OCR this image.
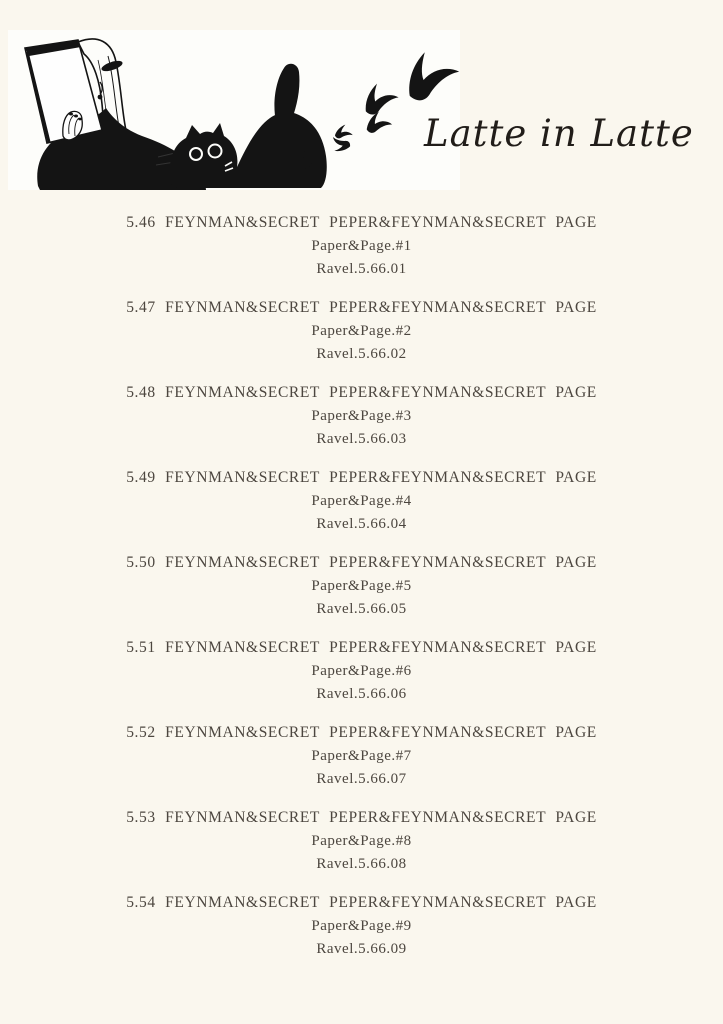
Latte in Latte
5.46 FEYNMAN&SECRET PEPER&FEYNMAN&SECRET PAGE
Paper&Page.#1
Ravel.5.66.01
5.47 FEYNMAN&SECRET PEPER&FEYNMAN&SECRET PAGE
Paper&Page.#2
Ravel.5.66.02
5.48 FEYNMAN&SECRET PEPER&FEYNMAN&SECRET PAGE
Paper&Page.#3
Ravel.5.66.03
5.49 FEYNMAN&SECRET PEPER&FEYNMAN&SECRET PAGE
Paper&Page.#4
Ravel.5.66.04
5.50 FEYNMAN&SECRET PEPER&FEYNMAN&SECRET PAGE
Paper&Page.#5
Ravel.5.66.05
5.51 FEYNMAN&SECRET PEPER&FEYNMAN&SECRET PAGE
Paper&Page.#6
Ravel.5.66.06
5.52 FEYNMAN&SECRET PEPER&FEYNMAN&SECRET PAGE
Paper&Page.#7
Ravel.5.66.07
5.53 FEYNMAN&SECRET PEPER&FEYNMAN&SECRET PAGE
Paper&Page.#8
Ravel.5.66.08
5.54 FEYNMAN&SECRET PEPER&FEYNMAN&SECRET PAGE
Paper&Page.#9
Ravel.5.66.09
